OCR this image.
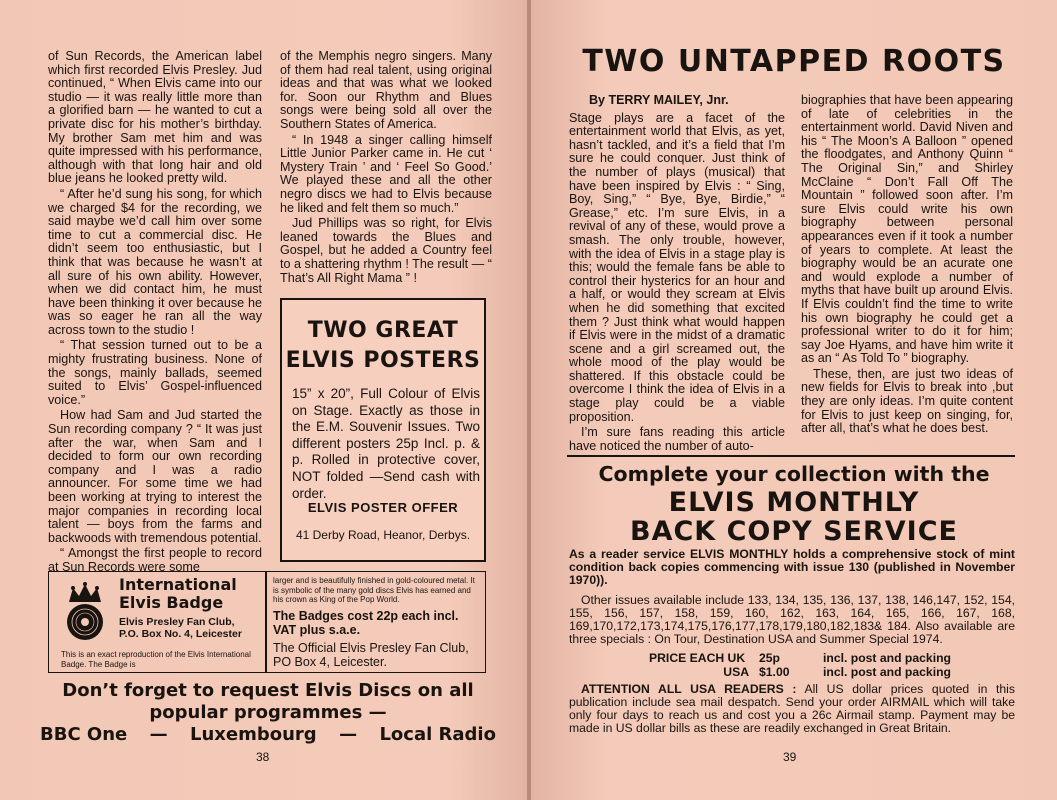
of Sun Records, the American label which first recorded Elvis Presley. Jud continued, “ When Elvis came into our studio — it was really little more than a glorified barn — he wanted to cut a private disc for his mother’s birthday. My brother Sam met him and was quite impressed with his performance, although with that long hair and old blue jeans he looked pretty wild.

“ After he’d sung his song, for which we charged $4 for the recording, we said maybe we’d call him over some time to cut a commercial disc. He didn’t seem too enthusiastic, but I think that was because he wasn’t at all sure of his own ability. However, when we did contact him, he must have been thinking it over because he was so eager he ran all the way across town to the studio !

“ That session turned out to be a mighty frustrating business. None of the songs, mainly ballads, seemed suited to Elvis’ Gospel-influenced voice.”

How had Sam and Jud started the Sun recording company ? “ It was just after the war, when Sam and I decided to form our own recording company and I was a radio announcer. For some time we had been working at trying to interest the major companies in recording local talent — boys from the farms and backwoods with tremendous potential.

“ Amongst the first people to record at Sun Records were some

of the Memphis negro singers. Many of them had real talent, using original ideas and that was what we looked for. Soon our Rhythm and Blues songs were being sold all over the Southern States of America.

“ In 1948 a singer calling himself Little Junior Parker came in. He cut ‘ Mystery Train ’ and ‘ Feel So Good.’ We played these and all the other negro discs we had to Elvis because he liked and felt them so much.”

Jud Phillips was so right, for Elvis leaned towards the Blues and Gospel, but he added a Country feel to a shattering rhythm ! The result — “ That’s All Right Mama ” !

TWO GREAT
ELVIS POSTERS
15” x 20”, Full Colour of Elvis on Stage. Exactly as those in the E.M. Souvenir Issues. Two different posters 25p Incl. p. & p. Rolled in protective cover, NOT folded —Send cash with order.
ELVIS POSTER OFFER
41 Derby Road, Heanor, Derbys.
International
Elvis Badge
Elvis Presley Fan Club,
P.O. Box No. 4, Leicester
This is an exact reproduction of the Elvis International Badge. The Badge is
larger and is beautifully finished in gold-coloured metal. It is symbolic of the many gold discs Elvis has earned and his crown as King of the Pop World.
The Badges cost 22p each incl. VAT plus s.a.e.
The Official Elvis Presley Fan Club, PO Box 4, Leicester.
Don’t forget to request Elvis Discs on all
popular programmes —
BBC One — Luxembourg — Local Radio
38
TWO UNTAPPED ROOTS
By TERRY MAILEY, Jnr.

Stage plays are a facet of the entertainment world that Elvis, as yet, hasn’t tackled, and it’s a field that I’m sure he could conquer. Just think of the number of plays (musical) that have been inspired by Elvis : “ Sing, Boy, Sing,” “ Bye, Bye, Birdie,” “ Grease,” etc. I’m sure Elvis, in a revival of any of these, would prove a smash. The only trouble, however, with the idea of Elvis in a stage play is this; would the female fans be able to control their hysterics for an hour and a half, or would they scream at Elvis when he did something that excited them ? Just think what would happen if Elvis were in the midst of a dramatic scene and a girl screamed out, the whole mood of the play would be shattered. If this obstacle could be overcome I think the idea of Elvis in a stage play could be a viable proposition.

I’m sure fans reading this article have noticed the number of auto-

biographies that have been appearing of late of celebrities in the entertainment world. David Niven and his “ The Moon’s A Balloon ” opened the floodgates, and Anthony Quinn “ The Original Sin,” and Shirley McClaine “ Don’t Fall Off The Mountain ” followed soon after. I’m sure Elvis could write his own biography between personal appearances even if it took a number of years to complete. At least the biography would be an acurate one and would explode a number of myths that have built up around Elvis. If Elvis couldn’t find the time to write his own biography he could get a professional writer to do it for him; say Joe Hyams, and have him write it as an “ As Told To ” biography.

These, then, are just two ideas of new fields for Elvis to break into ,but they are only ideas. I’m quite content for Elvis to just keep on singing, for, after all, that’s what he does best.

Complete your collection with the
ELVIS MONTHLY
BACK COPY SERVICE

As a reader service ELVIS MONTHLY holds a comprehensive stock of mint condition back copies commencing with issue 130 (published in November 1970)).

Other issues available include 133, 134, 135, 136, 137, 138, 146,147, 152, 154, 155, 156, 157, 158, 159, 160, 162, 163, 164, 165, 166, 167, 168, 169,170,172,173,174,175,176,177,178,179,180,182,183& 184. Also available are three specials : On Tour, Destination USA and Summer Special 1974.

PRICE EACH UK	25p	incl. post and packing
USA $1.00	incl. post and packing

ATTENTION ALL USA READERS : All US dollar prices quoted in this publication include sea mail despatch. Send your order AIRMAIL which will take only four days to reach us and cost you a 26c Airmail stamp. Payment may be made in US dollar bills as these are readily exchanged in Great Britain.

39
